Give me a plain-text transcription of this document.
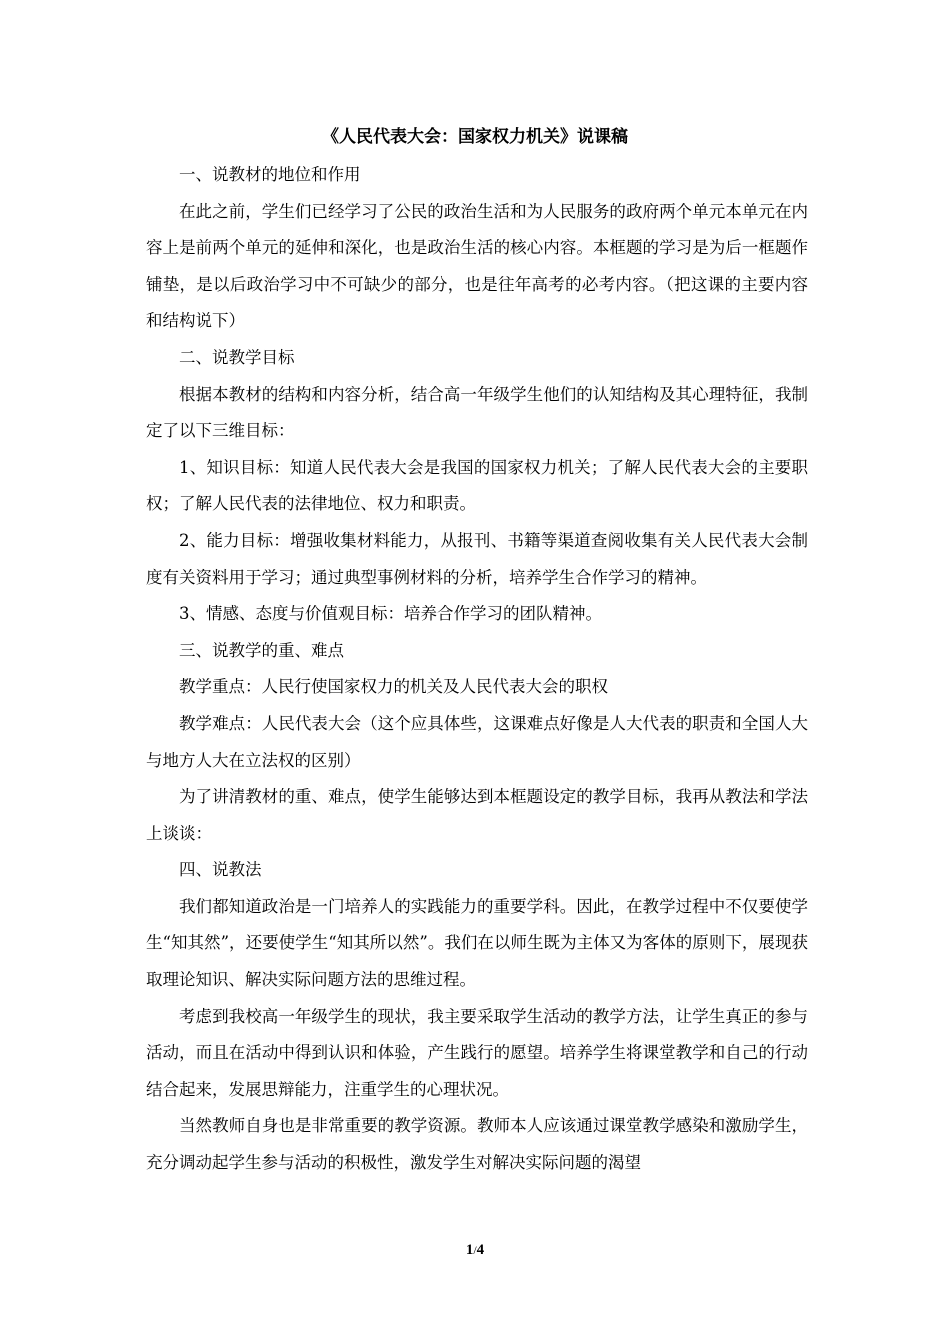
《人民代表大会：国家权力机关》说课稿

一、说教材的地位和作用

在此之前，学生们已经学习了公民的政治生活和为人民服务的政府两个单元本单元在内容上是前两个单元的延伸和深化，也是政治生活的核心内容。本框题的学习是为后一框题作铺垫，是以后政治学习中不可缺少的部分，也是往年高考的必考内容。（把这课的主要内容和结构说下）

二、说教学目标

根据本教材的结构和内容分析，结合高一年级学生他们的认知结构及其心理特征，我制定了以下三维目标：

1、知识目标：知道人民代表大会是我国的国家权力机关；了解人民代表大会的主要职权；了解人民代表的法律地位、权力和职责。

2、能力目标：增强收集材料能力，从报刊、书籍等渠道查阅收集有关人民代表大会制度有关资料用于学习；通过典型事例材料的分析，培养学生合作学习的精神。

3、情感、态度与价值观目标：培养合作学习的团队精神。

三、说教学的重、难点

教学重点：人民行使国家权力的机关及人民代表大会的职权

教学难点：人民代表大会（这个应具体些，这课难点好像是人大代表的职责和全国人大与地方人大在立法权的区别）

为了讲清教材的重、难点，使学生能够达到本框题设定的教学目标，我再从教法和学法上谈谈：

四、说教法

我们都知道政治是一门培养人的实践能力的重要学科。因此，在教学过程中不仅要使学生“知其然”，还要使学生“知其所以然”。我们在以师生既为主体又为客体的原则下，展现获取理论知识、解决实际问题方法的思维过程。

考虑到我校高一年级学生的现状，我主要采取学生活动的教学方法，让学生真正的参与活动，而且在活动中得到认识和体验，产生践行的愿望。培养学生将课堂教学和自己的行动结合起来，发展思辩能力，注重学生的心理状况。

当然教师自身也是非常重要的教学资源。教师本人应该通过课堂教学感染和激励学生，充分调动起学生参与活动的积极性，激发学生对解决实际问题的渴望

1/4
